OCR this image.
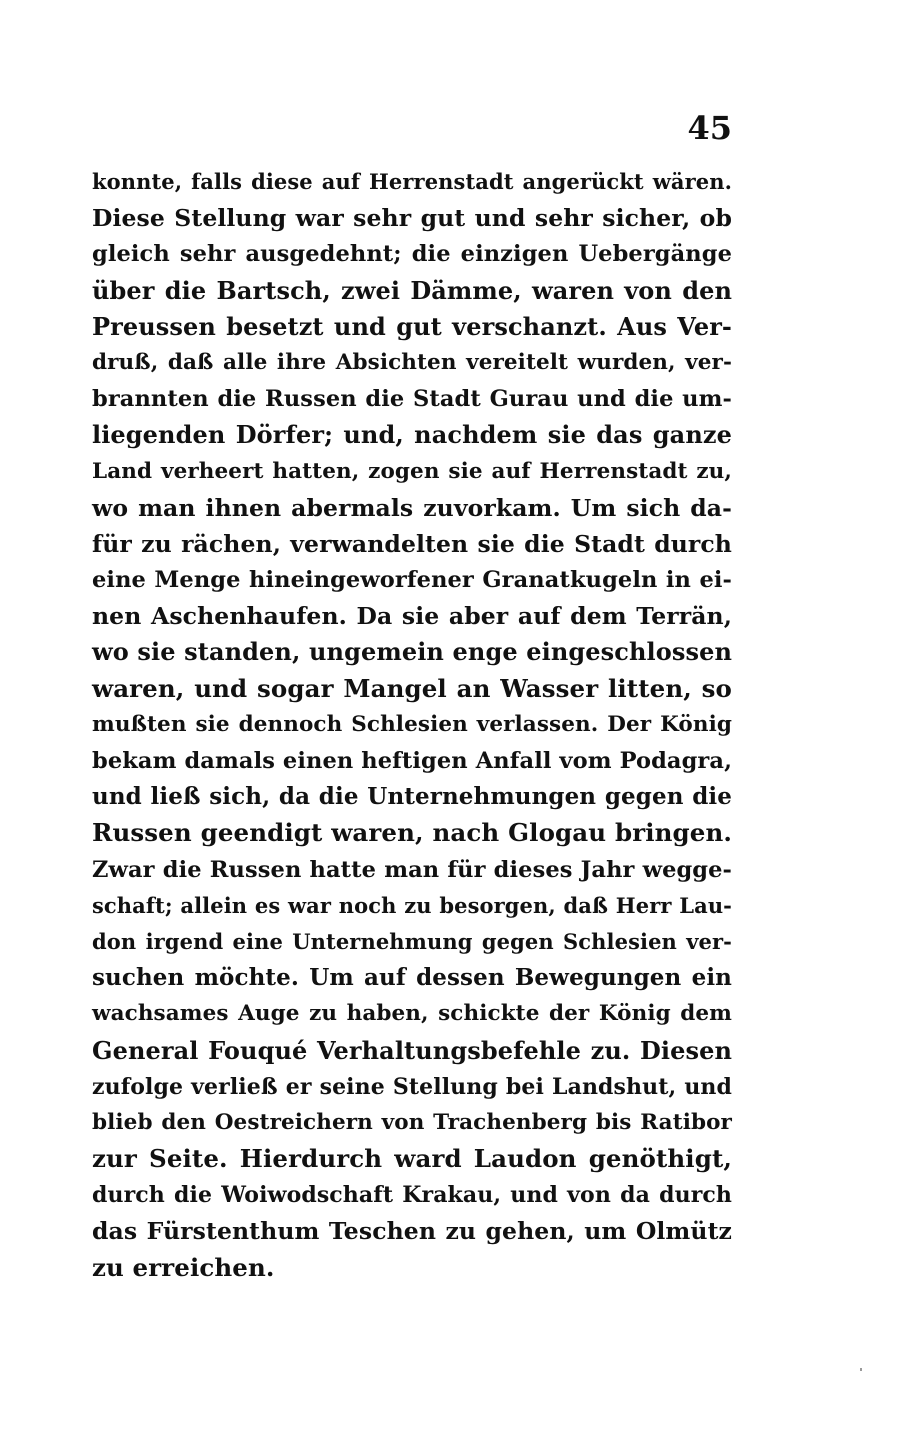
45
konnte, falls diese auf Herrenstadt angerückt wären.
Diese Stellung war sehr gut und sehr sicher, ob
gleich sehr ausgedehnt; die einzigen Uebergänge
über die Bartsch, zwei Dämme, waren von den
Preussen besetzt und gut verschanzt. Aus Ver-
druß, daß alle ihre Absichten vereitelt wurden, ver-
brannten die Russen die Stadt Gurau und die um-
liegenden Dörfer; und, nachdem sie das ganze
Land verheert hatten, zogen sie auf Herrenstadt zu,
wo man ihnen abermals zuvorkam. Um sich da-
für zu rächen, verwandelten sie die Stadt durch
eine Menge hineingeworfener Granatkugeln in ei-
nen Aschenhaufen. Da sie aber auf dem Terrän,
wo sie standen, ungemein enge eingeschlossen
waren, und sogar Mangel an Wasser litten, so
mußten sie dennoch Schlesien verlassen. Der König
bekam damals einen heftigen Anfall vom Podagra,
und ließ sich, da die Unternehmungen gegen die
Russen geendigt waren, nach Glogau bringen.
Zwar die Russen hatte man für dieses Jahr wegge-
schaft; allein es war noch zu besorgen, daß Herr Lau-
don irgend eine Unternehmung gegen Schlesien ver-
suchen möchte. Um auf dessen Bewegungen ein
wachsames Auge zu haben, schickte der König dem
General Fouqué Verhaltungsbefehle zu. Diesen
zufolge verließ er seine Stellung bei Landshut, und
blieb den Oestreichern von Trachenberg bis Ratibor
zur Seite. Hierdurch ward Laudon genöthigt,
durch die Woiwodschaft Krakau, und von da durch
das Fürstenthum Teschen zu gehen, um Olmütz
zu erreichen.
